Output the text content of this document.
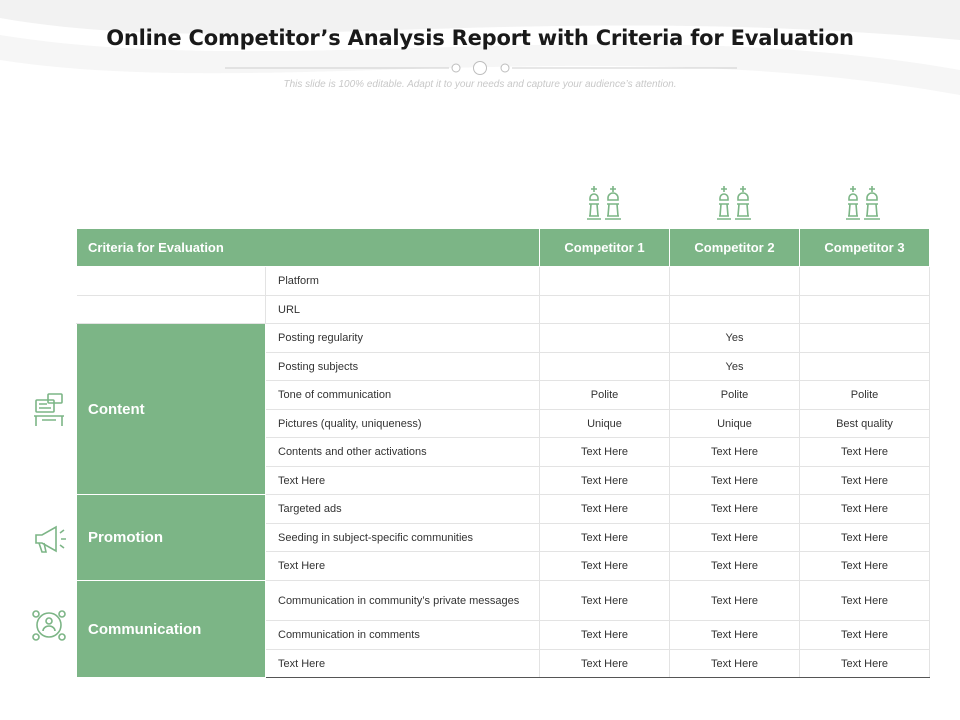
Online Competitor’s Analysis Report with Criteria for Evaluation
This slide is 100% editable. Adapt it to your needs and capture your audience’s attention.
Criteria for Evaluation		Competitor 1	Competitor 2	Competitor 3
	Platform			
	URL			
Content	Posting regularity		Yes	
	Posting subjects		Yes	
	Tone of communication	Polite	Polite	Polite
	Pictures (quality, uniqueness)	Unique	Unique	Best quality
	Contents and other activations	Text Here	Text Here	Text Here
	Text Here	Text Here	Text Here	Text Here
Promotion	Targeted ads	Text Here	Text Here	Text Here
	Seeding in subject-specific communities	Text Here	Text Here	Text Here
	Text Here	Text Here	Text Here	Text Here
Communication	Communication in community’s private messages	Text Here	Text Here	Text Here
	Communication in comments	Text Here	Text Here	Text Here
	Text Here	Text Here	Text Here	Text Here
